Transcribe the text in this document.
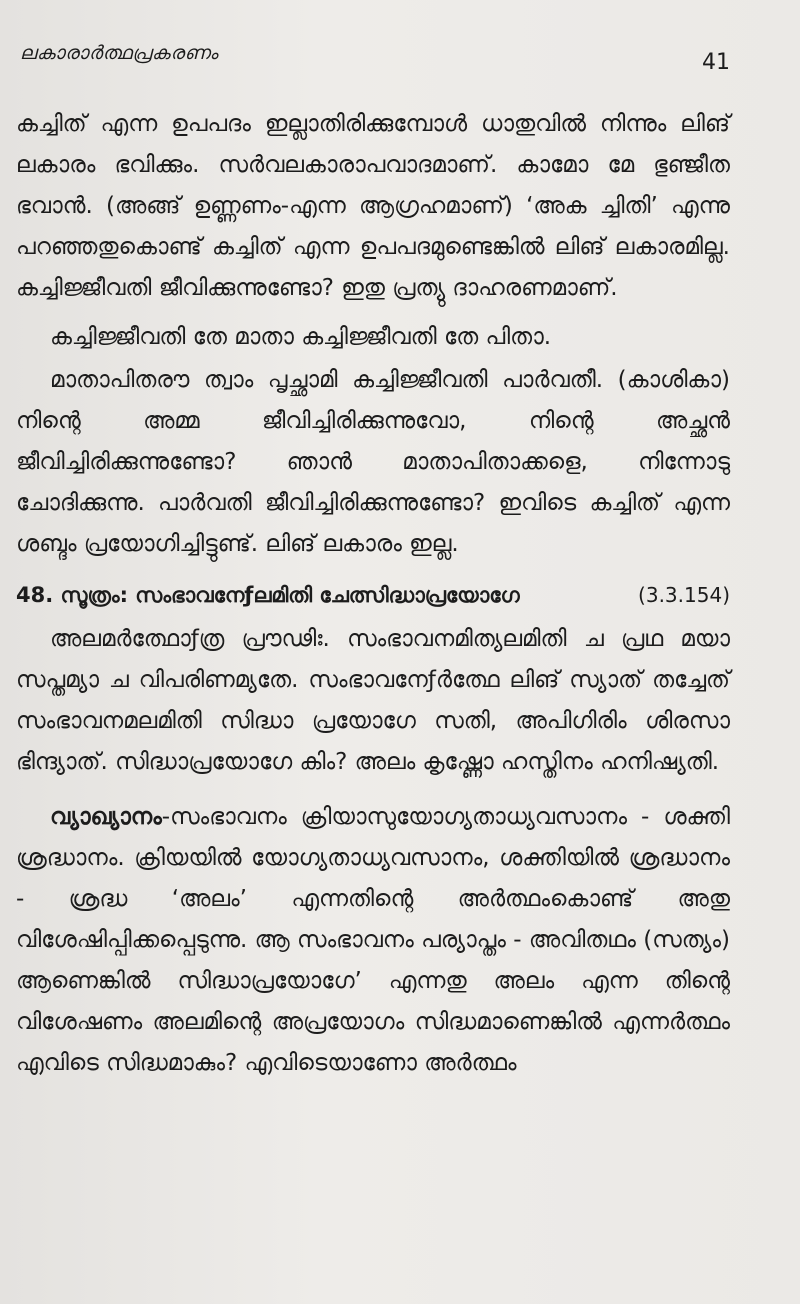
ലകാരാർത്ഥപ്രകരണം	41

കച്ചിത് എന്ന ഉപപദം ഇല്ലാതിരിക്കുമ്പോൾ ധാതുവിൽ നിന്നും ലിങ് ലകാരം ഭവിക്കും. സർവലകാരാപവാദമാണ്. കാമോ മേ ഭുഞ്ജീത ഭവാൻ. (അങ്ങ് ഉണ്ണണം-എന്ന ആഗ്രഹമാണ്) ‘അക ച്ചിതി’ എന്നു പറഞ്ഞതുകൊണ്ട് കച്ചിത് എന്ന ഉപപദമുണ്ടെങ്കിൽ ലിങ് ലകാരമില്ല. കച്ചിജ്ജീവതി ജീവിക്കുന്നുണ്ടോ? ഇതു പ്രത്യു ദാഹരണമാണ്.

കച്ചിജ്ജീവതി തേ മാതാ കച്ചിജ്ജീവതി തേ പിതാ.

മാതാപിതരൗ ത്വാം പൃച്ഛാമി കച്ചിജ്ജീവതി പാർവതീ. (കാശികാ) നിന്റെ അമ്മ ജീവിച്ചിരിക്കുന്നുവോ, നിന്റെ അച്ഛൻ ജീവിച്ചിരിക്കുന്നുണ്ടോ? ഞാൻ മാതാപിതാക്കളെ, നിന്നോടു ചോദിക്കുന്നു. പാർവതി ജീവിച്ചിരിക്കുന്നുണ്ടോ? ഇവിടെ കച്ചിത് എന്ന ശബ്ദം പ്രയോഗിച്ചിട്ടുണ്ട്. ലിങ് ലകാരം ഇല്ല.

48. സൂത്രം: സംഭാവനേƒലമിതി ചേത്സിദ്ധാപ്രയോഗേ	(3.3.154)

അലമർത്ഥോƒത്ര പ്രൗഢിഃ. സംഭാവനമിത്യലമിതി ച പ്രഥ മയാ സപ്തമ്യാ ച വിപരിണമ്യതേ. സംഭാവനേƒർത്ഥേ ലിങ് സ്യാത് തച്ചേത് സംഭാവനമലമിതി സിദ്ധാ പ്രയോഗേ സതി, അപിഗിരിം ശിരസാ ഭിന്ദ്യാത്. സിദ്ധാപ്രയോഗേ കിം? അലം കൃഷ്ണോ ഹസ്തിനം ഹനിഷ്യതി.

വ്യാഖ്യാനം-സംഭാവനം ക്രിയാസുയോഗ്യതാധ്യവസാനം - ശക്തി ശ്രദ്ധാനം. ക്രിയയിൽ യോഗ്യതാധ്യവസാനം, ശക്തിയിൽ ശ്രദ്ധാനം - ശ്രദ്ധ ‘അലം’ എന്നതിന്റെ അർത്ഥംകൊണ്ട് അതു വിശേഷിപ്പിക്കപ്പെടുന്നു. ആ സംഭാവനം പര്യാപ്തം - അവിതഥം (സത്യം) ആണെങ്കിൽ സിദ്ധാപ്രയോഗേ’ എന്നതു അലം എന്ന തിന്റെ വിശേഷണം അലമിന്റെ അപ്രയോഗം സിദ്ധമാണെങ്കിൽ എന്നർത്ഥം എവിടെ സിദ്ധമാകും? എവിടെയാണോ അർത്ഥം
